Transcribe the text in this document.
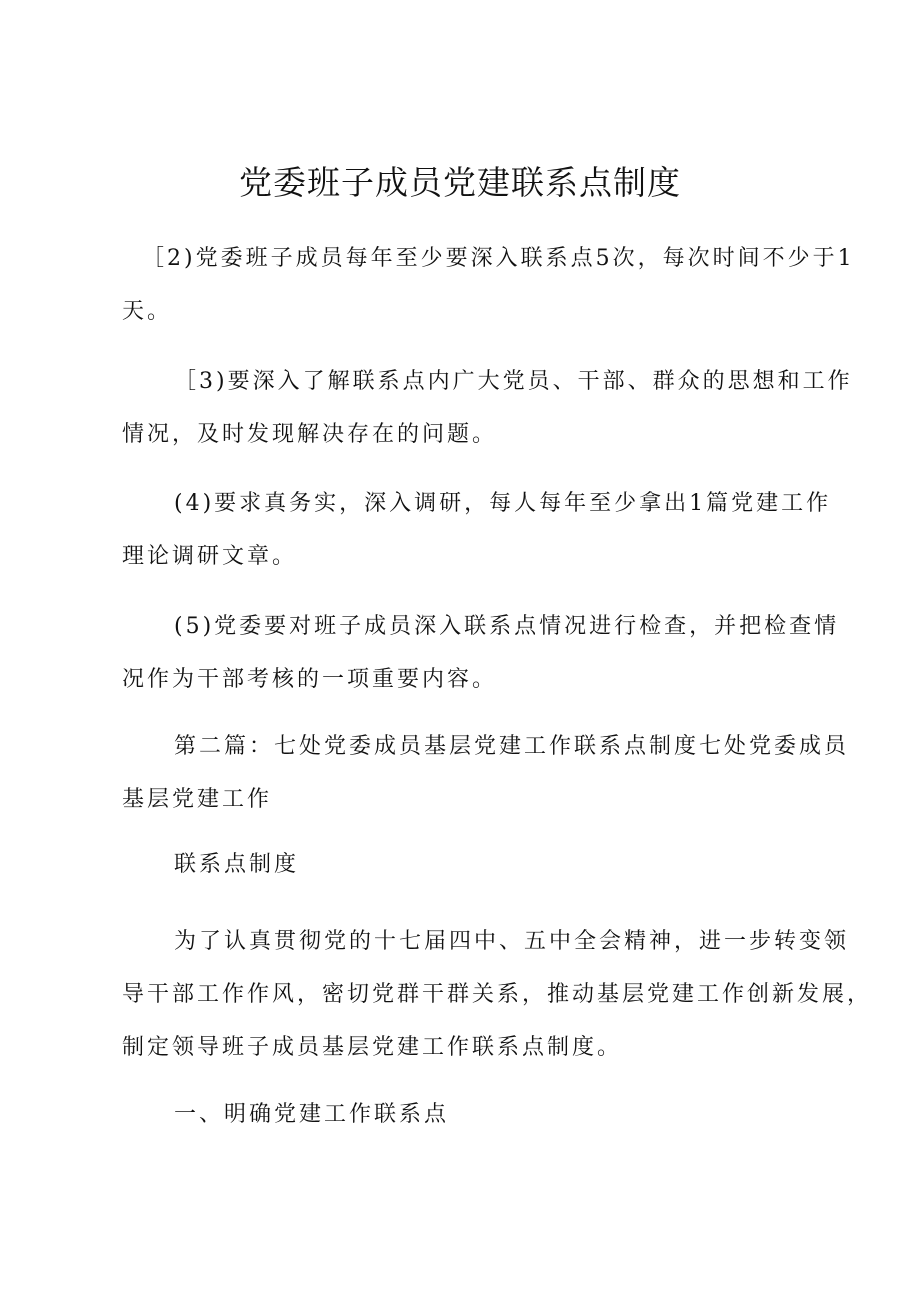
党委班子成员党建联系点制度

［2)党委班子成员每年至少要深入联系点5次，每次时间不少于1
天。

［3)要深入了解联系点内广大党员、干部、群众的思想和工作
情况，及时发现解决存在的问题。

(4)要求真务实，深入调研，每人每年至少拿出1篇党建工作
理论调研文章。

(5)党委要对班子成员深入联系点情况进行检查，并把检查情
况作为干部考核的一项重要内容。

第二篇：七处党委成员基层党建工作联系点制度七处党委成员
基层党建工作

联系点制度

为了认真贯彻党的十七届四中、五中全会精神，进一步转变领
导干部工作作风，密切党群干群关系，推动基层党建工作创新发展，
制定领导班子成员基层党建工作联系点制度。

一、明确党建工作联系点
